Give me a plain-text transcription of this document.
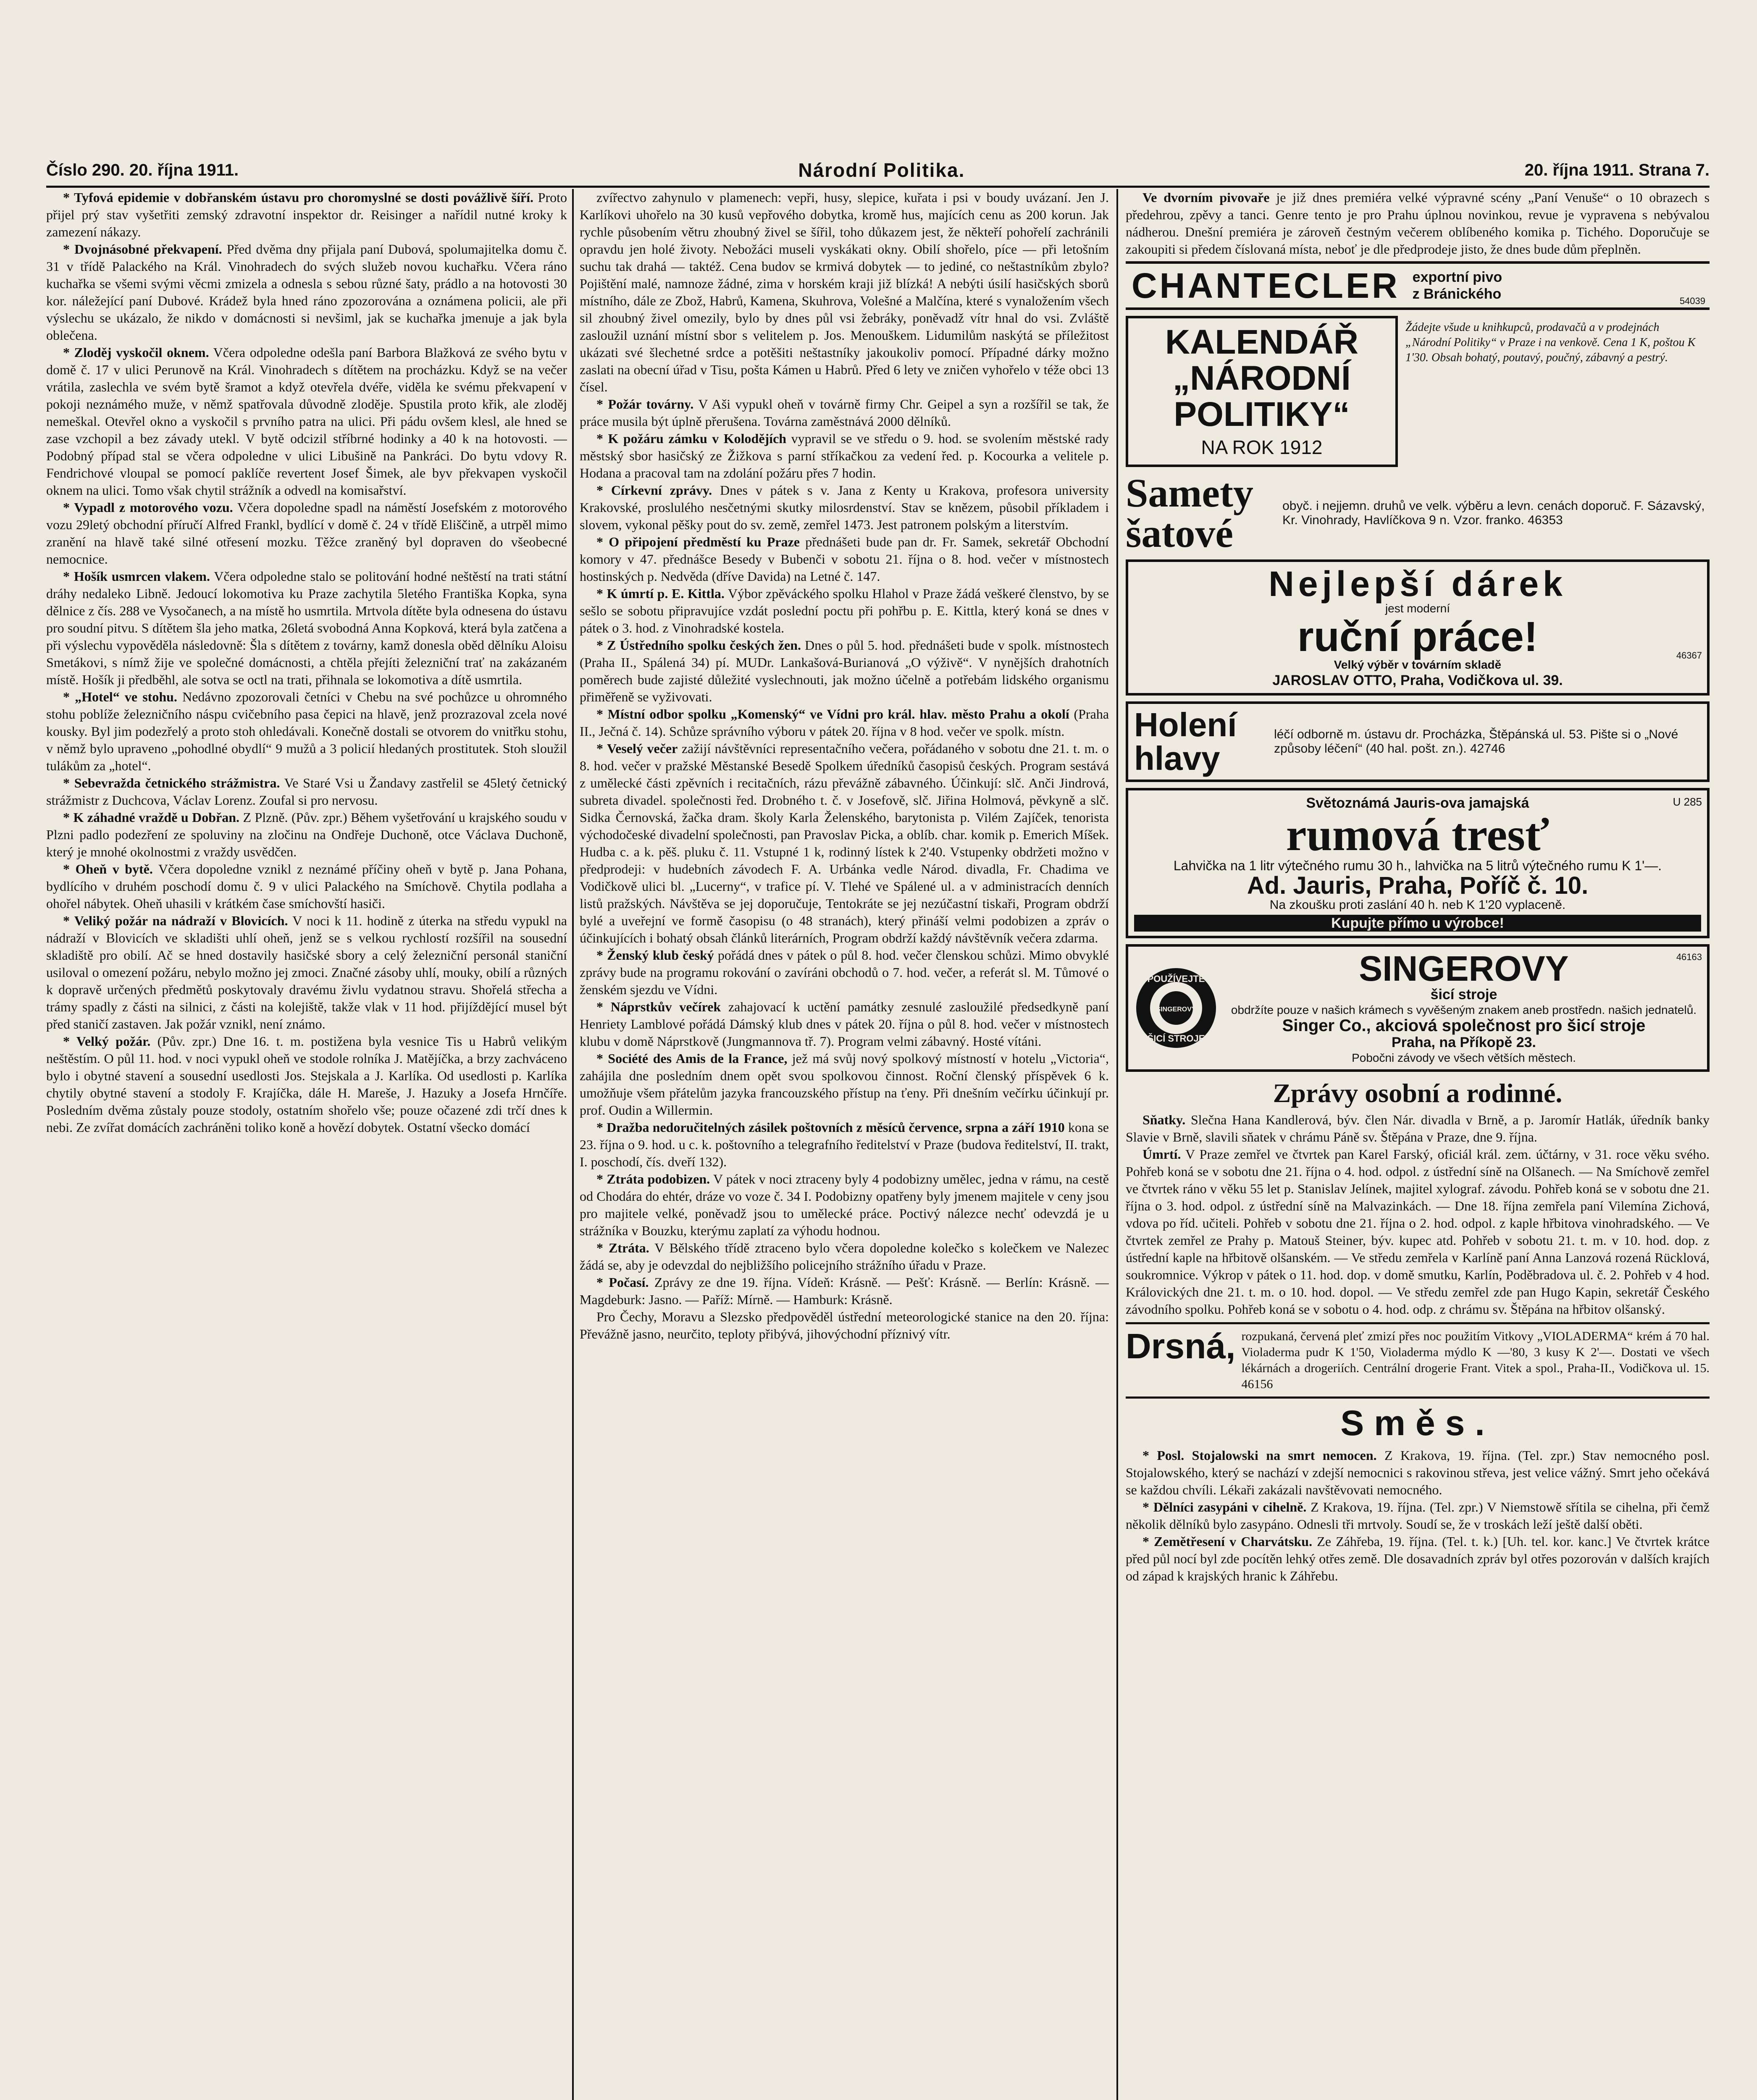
Číslo 290. 20. října 1911.	Národní Politika.	20. října 1911. Strana 7.

* Tyfová epidemie v dobřanském ústavu pro choromyslné se dosti povážlivě šíří. Proto přijel prý stav vyšetřiti zemský zdravotní inspektor dr. Reisinger a nařídil nutné kroky k zamezení nákazy.

* Dvojnásobné překvapení. Před dvěma dny přijala paní Dubová, spolumajitelka domu č. 31 v třídě Palackého na Král. Vinohradech do svých služeb novou kuchařku. Včera ráno kuchařka se všemi svými věcmi zmizela a odnesla s sebou různé šaty, prádlo a na hotovosti 30 kor. náležející paní Dubové. Krádež byla hned ráno zpozorována a oznámena policii, ale při výslechu se ukázalo, že nikdo v domácnosti si nevšiml, jak se kuchařka jmenuje a jak byla oblečena.

* Zloděj vyskočil oknem. Včera odpoledne odešla paní Barbora Blažková ze svého bytu v domě č. 17 v ulici Perunově na Král. Vinohradech s dítětem na procházku. Když se na večer vrátila, zaslechla ve svém bytě šramot a když otevřela dvéře, viděla ke svému překvapení v pokoji neznámého muže, v němž spatřovala důvodně zloděje. Spustila proto křik, ale zloděj nemeškal. Otevřel okno a vyskočil s prvního patra na ulici. Při pádu ovšem klesl, ale hned se zase vzchopil a bez závady utekl. V bytě odcizil stříbrné hodinky a 40 k na hotovosti. — Podobný případ stal se včera odpoledne v ulici Libušině na Pankráci. Do bytu vdovy R. Fendrichové vloupal se pomocí paklíče revertent Josef Šimek, ale byv překvapen vyskočil oknem na ulici. Tomo však chytil strážník a odvedl na komisařství.

* Vypadl z motorového vozu. Včera dopoledne spadl na náměstí Josefském z motorového vozu 29letý obchodní příručí Alfred Frankl, bydlící v domě č. 24 v třídě Eliščině, a utrpěl mimo zranění na hlavě také silné otřesení mozku. Těžce zraněný byl dopraven do všeobecné nemocnice.

* Hošík usmrcen vlakem. Včera odpoledne stalo se politování hodné neštěstí na trati státní dráhy nedaleko Libně. Jedoucí lokomotiva ku Praze zachytila 5letého Františka Kopka, syna dělnice z čís. 288 ve Vysočanech, a na místě ho usmrtila. Mrtvola dítěte byla odnesena do ústavu pro soudní pitvu. S dítětem šla jeho matka, 26letá svobodná Anna Kopková, která byla zatčena a při výslechu vypověděla následovně: Šla s dítětem z továrny, kamž donesla oběd dělníku Aloisu Smetákovi, s nímž žije ve společné domácnosti, a chtěla přejíti železniční trať na zakázaném místě. Hošík ji předběhl, ale sotva se octl na trati, přihnala se lokomotiva a dítě usmrtila.

* „Hotel“ ve stohu. Nedávno zpozorovali četníci v Chebu na své pochůzce u ohromného stohu poblíže železničního náspu cvičebního pasa čepici na hlavě, jenž prozrazoval zcela nové kousky. Byl jim podezřelý a proto stoh ohledávali. Konečně dostali se otvorem do vnitřku stohu, v němž bylo upraveno „pohodlné obydlí“ 9 mužů a 3 policií hledaných prostitutek. Stoh sloužil tulákům za „hotel“.

* Sebevražda četnického strážmistra. Ve Staré Vsi u Žandavy zastřelil se 45letý četnický strážmistr z Duchcova, Václav Lorenz. Zoufal si pro nervosu.

* K záhadné vraždě u Dobřan. Z Plzně. (Pův. zpr.) Během vyšetřování u krajského soudu v Plzni padlo podezření ze spoluviny na zločinu na Ondřeje Duchoně, otce Václava Duchoně, který je mnohé okolnostmi z vraždy usvědčen.

* Oheň v bytě. Včera dopoledne vznikl z neznámé příčiny oheň v bytě p. Jana Pohana, bydlícího v druhém poschodí domu č. 9 v ulici Palackého na Smíchově. Chytila podlaha a ohořel nábytek. Oheň uhasili v krátkém čase smíchovští hasiči.

* Veliký požár na nádraží v Blovicích. V noci k 11. hodině z úterka na středu vypukl na nádraží v Blovicích ve skladišti uhlí oheň, jenž se s velkou rychlostí rozšířil na sousední skladiště pro obilí. Ač se hned dostavily hasičské sbory a celý železniční personál staniční usiloval o omezení požáru, nebylo možno jej zmoci. Značné zásoby uhlí, mouky, obilí a různých k dopravě určených předmětů poskytovaly dravému živlu vydatnou stravu. Shořelá střecha a trámy spadly z části na silnici, z části na kolejiště, takže vlak v 11 hod. přijíždějící musel být před staničí zastaven. Jak požár vznikl, není známo.

* Velký požár. (Pův. zpr.) Dne 16. t. m. postižena byla vesnice Tis u Habrů velikým neštěstím. O půl 11. hod. v noci vypukl oheň ve stodole rolníka J. Matějíčka, a brzy zachváceno bylo i obytné stavení a sousední usedlosti Jos. Stejskala a J. Karlíka. Od usedlosti p. Karlíka chytily obytné stavení a stodoly F. Krajíčka, dále H. Mareše, J. Hazuky a Josefa Hrnčíře. Posledním dvěma zůstaly pouze stodoly, ostatním shořelo vše; pouze očazené zdi trčí dnes k nebi. Ze zvířat domácích zachráněni toliko koně a hovězí dobytek. Ostatní všecko domácí

zvířectvo zahynulo v plamenech: vepři, husy, slepice, kuřata i psi v boudy uvázaní. Jen J. Karlíkovi uhořelo na 30 kusů vepřového dobytka, kromě hus, majících cenu as 200 korun. Jak rychle působením větru zhoubný živel se šířil, toho důkazem jest, že někteří pohořelí zachránili opravdu jen holé životy. Nebožáci museli vyskákati okny. Obilí shořelo, píce — při letošním suchu tak drahá — taktéž. Cena budov se krmivá dobytek — to jediné, co neštastníkům zbylo? Pojištění malé, namnoze žádné, zima v horském kraji již blízká! A nebýti úsilí hasičských sborů místního, dále ze Zbož, Habrů, Kamena, Skuhrova, Volešné a Malčína, které s vynaložením všech sil zhoubný živel omezily, bylo by dnes půl vsi žebráky, poněvadž vítr hnal do vsi. Zvláště zasloužil uznání místní sbor s velitelem p. Jos. Menouškem. Lidumilům naskýtá se příležitost ukázati své šlechetné srdce a potěšiti neštastníky jakoukoliv pomocí. Případné dárky možno zaslati na obecní úřad v Tisu, pošta Kámen u Habrů. Před 6 lety ve zničen vyhořelo v téže obci 13 čísel.

* Požár továrny. V Aši vypukl oheň v továrně firmy Chr. Geipel a syn a rozšířil se tak, že práce musila být úplně přerušena. Továrna zaměstnává 2000 dělníků.

* K požáru zámku v Kolodějích vypravil se ve středu o 9. hod. se svolením městské rady městský sbor hasičský ze Žižkova s parní stříkačkou za vedení řed. p. Kocourka a velitele p. Hodana a pracoval tam na zdolání požáru přes 7 hodin.

* Církevní zprávy. Dnes v pátek s v. Jana z Kenty u Krakova, profesora university Krakovské, proslulého nesčetnými skutky milosrdenství. Stav se knězem, působil příkladem i slovem, vykonal pěšky pout do sv. země, zemřel 1473. Jest patronem polským a literstvím.

* O připojení předměstí ku Praze přednášeti bude pan dr. Fr. Samek, sekretář Obchodní komory v 47. přednášce Besedy v Bubenči v sobotu 21. října o 8. hod. večer v místnostech hostinských p. Nedvěda (dříve Davida) na Letné č. 147.

* K úmrtí p. E. Kittla. Výbor zpěváckého spolku Hlahol v Praze žádá veškeré členstvo, by se sešlo se sobotu připravujíce vzdát poslední poctu při pohřbu p. E. Kittla, který koná se dnes v pátek o 3. hod. z Vinohradské kostela.

* Z Ústředního spolku českých žen. Dnes o půl 5. hod. přednášeti bude v spolk. místnostech (Praha II., Spálená 34) pí. MUDr. Lankašová-Burianová „O výživě“. V nynějších drahotních poměrech bude zajisté důležité vyslechnouti, jak možno účelně a potřebám lidského organismu přiměřeně se vyživovati.

* Místní odbor spolku „Komenský“ ve Vídni pro král. hlav. město Prahu a okolí (Praha II., Ječná č. 14). Schůze správního výboru v pátek 20. října v 8 hod. večer ve spolk. místn.

* Veselý večer zažijí návštěvníci representačního večera, pořádaného v sobotu dne 21. t. m. o 8. hod. večer v pražské Městanské Besedě Spolkem úředníků časopisů českých. Program sestává z umělecké části zpěvních i recitačních, rázu převážně zábavného. Účinkují: slč. Anči Jindrová, subreta divadel. společnosti řed. Drobného t. č. v Josefově, slč. Jiřina Holmová, pěvkyně a slč. Sidka Černovská, žačka dram. školy Karla Želenského, barytonista p. Vilém Zajíček, tenorista východočeské divadelní společnosti, pan Pravoslav Picka, a oblíb. char. komik p. Emerich Míšek. Hudba c. a k. pěš. pluku č. 11. Vstupné 1 k, rodinný lístek k 2'40. Vstupenky obdržeti možno v předprodeji: v hudebních závodech F. A. Urbánka vedle Národ. divadla, Fr. Chadima ve Vodičkově ulici bl. „Lucerny“, v trafice pí. V. Tlehé ve Spálené ul. a v administracích denních listů pražských. Návštěva se jej doporučuje, Tentokráte se jej nezúčastní tiskaři, Program obdrží bylé a uveřejní ve formě časopisu (o 48 stranách), který přináší velmi podobizen a zpráv o účinkujících i bohatý obsah článků literárních, Program obdrží každý návštěvník večera zdarma.

* Ženský klub český pořádá dnes v pátek o půl 8. hod. večer členskou schůzi. Mimo obvyklé zprávy bude na programu rokování o zavíráni obchodů o 7. hod. večer, a referát sl. M. Tůmové o ženském sjezdu ve Vídni.

* Náprstkův večírek zahajovací k uctění památky zesnulé zasloužilé předsedkyně paní Henriety Lamblové pořádá Dámský klub dnes v pátek 20. října o půl 8. hod. večer v místnostech klubu v domě Náprstkově (Jungmannova tř. 7). Program velmi zábavný. Hosté vítáni.

* Société des Amis de la France, jež má svůj nový spolkový místností v hotelu „Victoria“, zahájila dne posledním dnem opět svou spolkovou činnost. Roční členský příspěvek 6 k. umožňuje všem přátelům jazyka francouzského přístup na ťeny. Při dnešním večírku účinkují pr. prof. Oudin a Willermin.

* Dražba nedoručitelných zásilek poštovních z měsíců července, srpna a září 1910 kona se 23. října o 9. hod. u c. k. poštovního a telegrafního ředitelství v Praze (budova ředitelství, II. trakt, I. poschodí, čís. dveří 132).

* Ztráta podobizen. V pátek v noci ztraceny byly 4 podobizny umělec, jedna v rámu, na cestě od Chodára do ehtér, dráze vo voze č. 34 I. Podobizny opatřeny byly jmenem majitele v ceny jsou pro majitele velké, poněvadž jsou to umělecké práce. Poctivý nálezce nechť odevzdá je u strážníka v Bouzku, kterýmu zaplatí za výhodu hodnou.

* Ztráta. V Bělského třídě ztraceno bylo včera dopoledne kolečko s kolečkem ve Nalezec žádá se, aby je odevzdal do nejbližšího policejního strážního úřadu v Praze.

* Počasí. Zprávy ze dne 19. října. Vídeň: Krásně. — Pešť: Krásně. — Berlín: Krásně. — Magdeburk: Jasno. — Paříž: Mírně. — Hamburk: Krásně.

Pro Čechy, Moravu a Slezsko předpověděl ústřední meteorologické stanice na den 20. října: Převážně jasno, neurčito, teploty přibývá, jihovýchodní příznivý vítr.

Ve dvorním pivovaře je již dnes premiéra velké výpravné scény „Paní Venuše“ o 10 obrazech s předehrou, zpěvy a tanci. Genre tento je pro Prahu úplnou novinkou, revue je vypravena s nebývalou nádherou. Dnešní premiéra je zároveň čestným večerem oblíbeného komika p. Tichého. Doporučuje se zakoupiti si předem číslovaná místa, neboť je dle předprodeje jisto, že dnes bude dům přeplněn.

CHANTECLER exportní pivo
z Bránického	54039
KALENDÁŘ
„NÁRODNÍ
POLITIKY“
NA ROK 1912
Žádejte všude u knihkupců, prodavačů a v prodejnách „Národní Politiky“ v Praze i na venkově. Cena 1 K, poštou K 1'30. Obsah bohatý, poutavý, poučný, zábavný a pestrý.
Samety šatové
obyč. i nejjemn. druhů ve velk. výběru a levn. cenách doporuč. F. Sázavský, Kr. Vinohrady, Havlíčkova 9 n. Vzor. franko. 46353
Nejlepší dárek
jest moderní
ruční práce!
Velký výběr v továrním skladě
JAROSLAV OTTO, Praha, Vodičkova ul. 39.
46367
Holení hlavy
léčí odborně m. ústavu dr. Procházka, Štěpánská ul. 53. Pište si o „Nové způsoby léčení“ (40 hal. pošt. zn.). 42746
Světoznámá Jauris-ova jamajská	U 285
rumová tresť
Lahvička na 1 litr výtečného rumu 30 h., lahvička na 5 litrů výtečného rumu K 1'—.
Ad. Jauris, Praha, Poříč č. 10.
Na zkoušku proti zaslání 40 h. neb K 1'20 vyplaceně.
Kupujte přímo u výrobce!
POUŽÍVEJTE
SINGEROVY
ŠICÍ STROJE
SINGEROVY
šicí stroje
obdržíte pouze v našich krámech s vyvěšeným znakem aneb prostředn. našich jednatelů.
Singer Co., akciová společnost pro šicí stroje
Praha, na Příkopě 23.
Pobočni závody ve všech větších městech.
46163
Zprávy osobní a rodinné.

Sňatky. Slečna Hana Kandlerová, býv. člen Nár. divadla v Brně, a p. Jaromír Hatlák, úředník banky Slavie v Brně, slavili sňatek v chrámu Páně sv. Štěpána v Praze, dne 9. října.

Úmrtí. V Praze zemřel ve čtvrtek pan Karel Farský, oficiál král. zem. účtárny, v 31. roce věku svého. Pohřeb koná se v sobotu dne 21. října o 4. hod. odpol. z ústřední síně na Olšanech. — Na Smíchově zemřel ve čtvrtek ráno v věku 55 let p. Stanislav Jelínek, majitel xylograf. závodu. Pohřeb koná se v sobotu dne 21. října o 3. hod. odpol. z ústřední síně na Malvazinkách. — Dne 18. října zemřela paní Vilemína Zichová, vdova po říd. učiteli. Pohřeb v sobotu dne 21. října o 2. hod. odpol. z kaple hřbitova vinohradského. — Ve čtvrtek zemřel ze Prahy p. Matouš Steiner, býv. kupec atd. Pohřeb v sobotu 21. t. m. v 10. hod. dop. z ústřední kaple na hřbitově olšanském. — Ve středu zemřela v Karlíně paní Anna Lanzová rozená Rücklová, soukromnice. Výkrop v pátek o 11. hod. dop. v domě smutku, Karlín, Poděbradova ul. č. 2. Pohřeb v 4 hod. Královických dne 21. t. m. o 10. hod. dopol. — Ve středu zemřel zde pan Hugo Kapin, sekretář Českého závodního spolku. Pohřeb koná se v sobotu o 4. hod. odp. z chrámu sv. Štěpána na hřbitov olšanský.

Drsná, rozpukaná, červená pleť zmizí přes noc použitím Vitkovy „VIOLADERMA“ krém á 70 hal. Violaderma pudr K 1'50, Violaderma mýdlo K —'80, 3 kusy K 2'—. Dostati ve všech lékárnách a drogeriích. Centrální drogerie Frant. Vitek a spol., Praha-II., Vodičkova ul. 15. 46156
Směs.

* Posl. Stojalowski na smrt nemocen. Z Krakova, 19. října. (Tel. zpr.) Stav nemocného posl. Stojalowského, který se nachází v zdejší nemocnici s rakovinou střeva, jest velice vážný. Smrt jeho očekává se každou chvíli. Lékaři zakázali navštěvovati nemocného.

* Dělníci zasypáni v cihelně. Z Krakova, 19. října. (Tel. zpr.) V Niemstowě sřítila se cihelna, při čemž několik dělníků bylo zasypáno. Odnesli tři mrtvoly. Soudí se, že v troskách leží ještě další oběti.

* Zemětřesení v Charvátsku. Ze Záhřeba, 19. října. (Tel. t. k.) [Uh. tel. kor. kanc.] Ve čtvrtek krátce před půl nocí byl zde pocítěn lehký otřes země. Dle dosavadních zpráv byl otřes pozorován v dalších krajích od západ k krajských hranic k Záhřebu.
